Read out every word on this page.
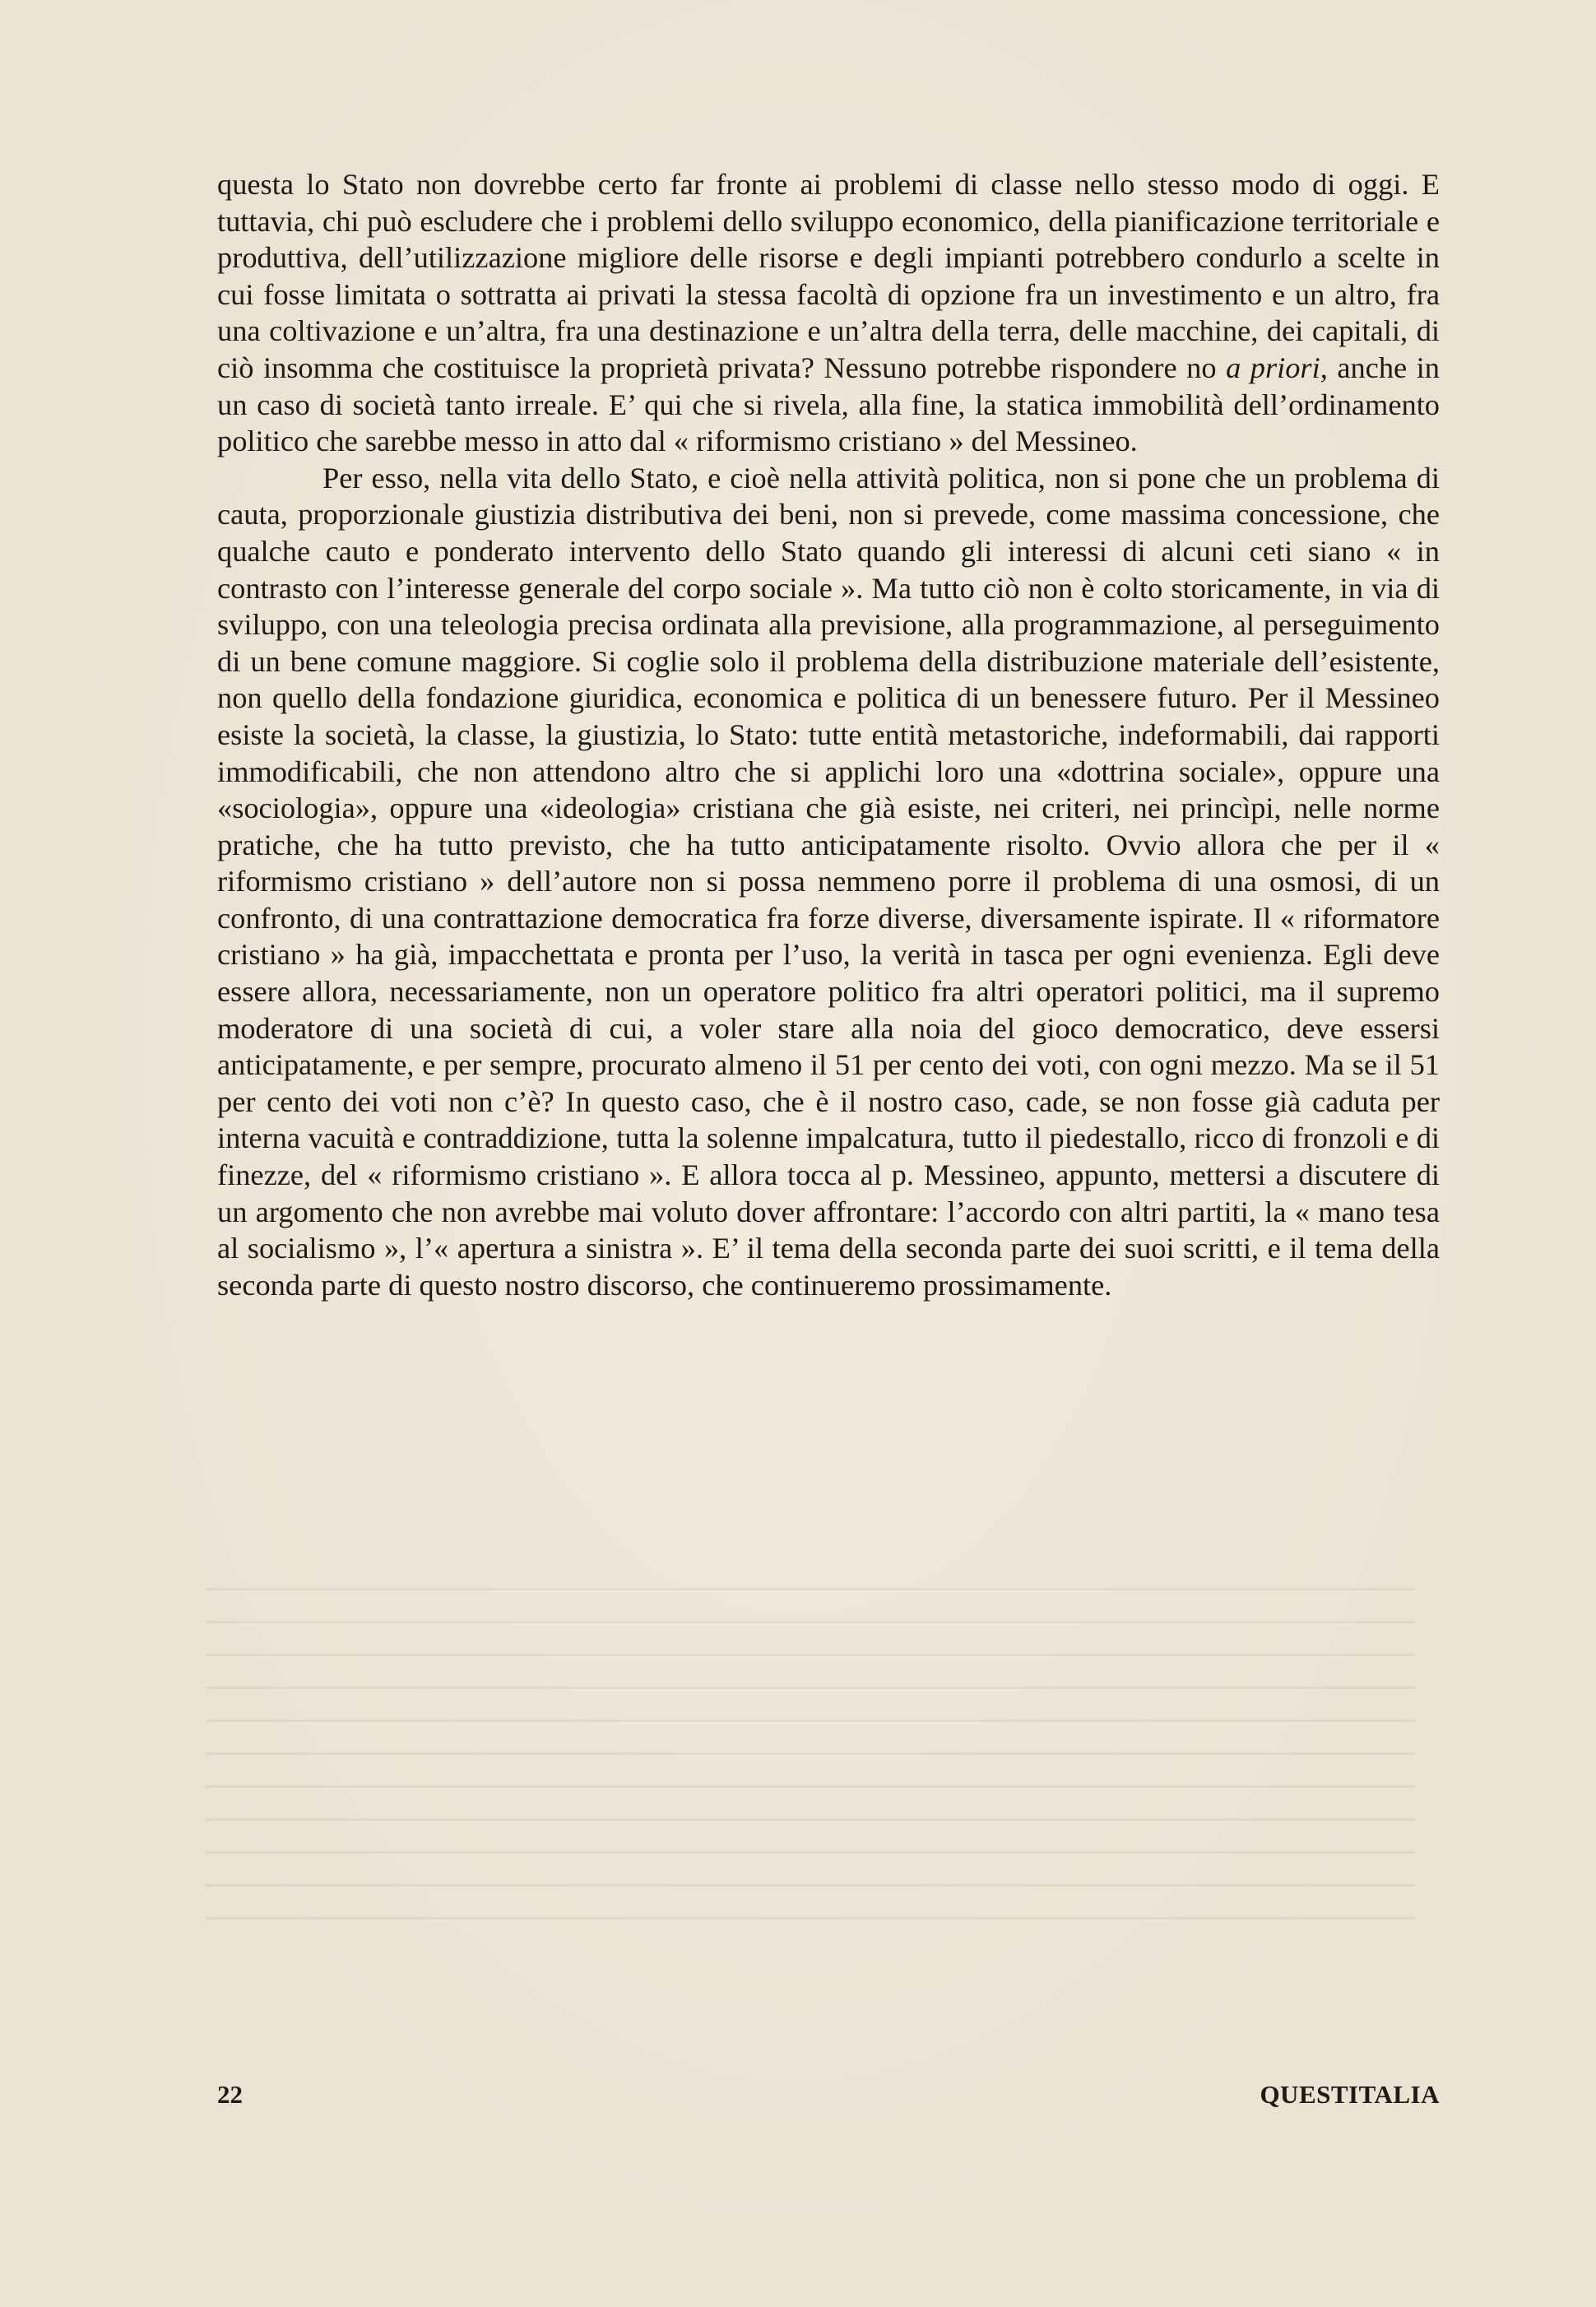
questa lo Stato non dovrebbe certo far fronte ai problemi di classe nello stesso modo di oggi. E tuttavia, chi può escludere che i problemi dello sviluppo economico, della pianificazione territoriale e produttiva, dell’utilizzazione migliore delle risorse e degli impianti potrebbero condurlo a scelte in cui fosse limitata o sottratta ai privati la stessa facoltà di opzione fra un investimento e un altro, fra una coltivazione e un’altra, fra una destinazione e un’altra della terra, delle macchine, dei capitali, di ciò insomma che costituisce la proprietà privata? Nessuno potrebbe rispondere no a priori, anche in un caso di società tanto irreale. E’ qui che si rivela, alla fine, la statica immobilità dell’ordinamento politico che sarebbe messo in atto dal « riformismo cristiano » del Messineo.

Per esso, nella vita dello Stato, e cioè nella attività politica, non si pone che un problema di cauta, proporzionale giustizia distributiva dei beni, non si prevede, come massima concessione, che qualche cauto e ponderato intervento dello Stato quando gli interessi di alcuni ceti siano « in contrasto con l’interesse generale del corpo sociale ». Ma tutto ciò non è colto storicamente, in via di sviluppo, con una teleologia precisa ordinata alla previsione, alla programmazione, al perseguimento di un bene comune maggiore. Si coglie solo il problema della distribuzione materiale dell’esistente, non quello della fondazione giuridica, economica e politica di un benessere futuro. Per il Messineo esiste la società, la classe, la giustizia, lo Stato: tutte entità metastoriche, indeformabili, dai rapporti immodificabili, che non attendono altro che si applichi loro una «dottrina sociale», oppure una «sociologia», oppure una «ideologia» cristiana che già esiste, nei criteri, nei princìpi, nelle norme pratiche, che ha tutto previsto, che ha tutto anticipatamente risolto. Ovvio allora che per il « riformismo cristiano » dell’autore non si possa nemmeno porre il problema di una osmosi, di un confronto, di una contrattazione democratica fra forze diverse, diversamente ispirate. Il « riformatore cristiano » ha già, impacchettata e pronta per l’uso, la verità in tasca per ogni evenienza. Egli deve essere allora, necessariamente, non un operatore politico fra altri operatori politici, ma il supremo moderatore di una società di cui, a voler stare alla noia del gioco democratico, deve essersi anticipatamente, e per sempre, procurato almeno il 51 per cento dei voti, con ogni mezzo. Ma se il 51 per cento dei voti non c’è? In questo caso, che è il nostro caso, cade, se non fosse già caduta per interna vacuità e contraddizione, tutta la solenne impalcatura, tutto il piedestallo, ricco di fronzoli e di finezze, del « riformismo cristiano ». E allora tocca al p. Messineo, appunto, mettersi a discutere di un argomento che non avrebbe mai voluto dover affrontare: l’accordo con altri partiti, la « mano tesa al socialismo », l’« apertura a sinistra ». E’ il tema della seconda parte dei suoi scritti, e il tema della seconda parte di questo nostro discorso, che continueremo prossimamente.

22	QUESTITALIA
